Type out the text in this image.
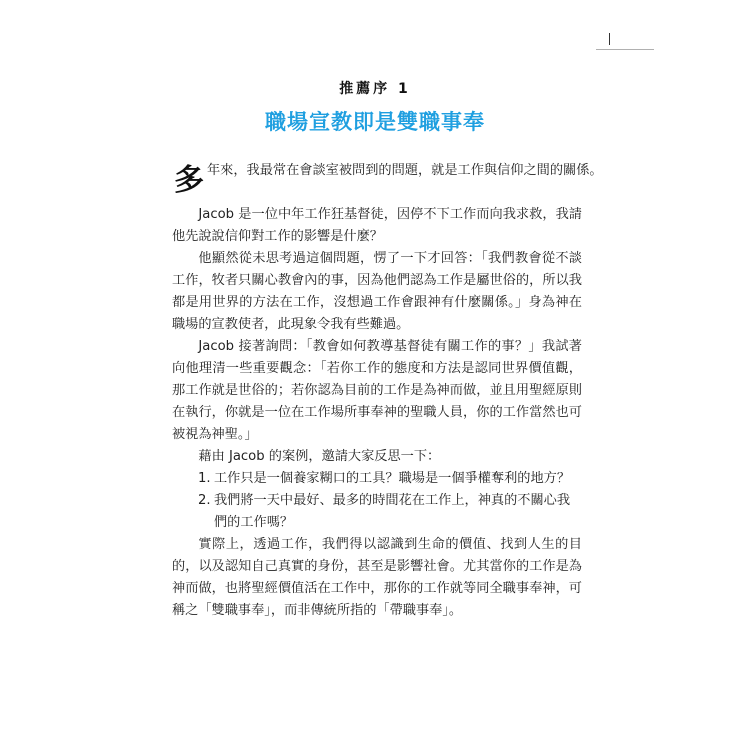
推薦序 1
職場宣教即是雙職事奉
多 年來，我最常在會談室被問到的問題，就是工作與信仰之間的關係。

Jacob 是一位中年工作狂基督徒，因停不下工作而向我求救，我請他先說說信仰對工作的影響是什麼？

他顯然從未思考過這個問題，愣了一下才回答：「我們教會從不談工作，牧者只關心教會內的事，因為他們認為工作是屬世俗的，所以我都是用世界的方法在工作，沒想過工作會跟神有什麼關係。」身為神在職場的宣教使者，此現象令我有些難過。

Jacob 接著詢問：「教會如何教導基督徒有關工作的事？」我試著向他理清一些重要觀念：「若你工作的態度和方法是認同世界價值觀，那工作就是世俗的；若你認為目前的工作是為神而做，並且用聖經原則在執行，你就是一位在工作場所事奉神的聖職人員，你的工作當然也可被視為神聖。」

藉由 Jacob 的案例，邀請大家反思一下：

1. 工作只是一個養家糊口的工具？職場是一個爭權奪利的地方？

2. 我們將一天中最好、最多的時間花在工作上，神真的不關心我們的工作嗎？

實際上，透過工作，我們得以認識到生命的價值、找到人生的目的，以及認知自己真實的身份，甚至是影響社會。尤其當你的工作是為神而做，也將聖經價值活在工作中，那你的工作就等同全職事奉神，可稱之「雙職事奉」，而非傳統所指的「帶職事奉」。
